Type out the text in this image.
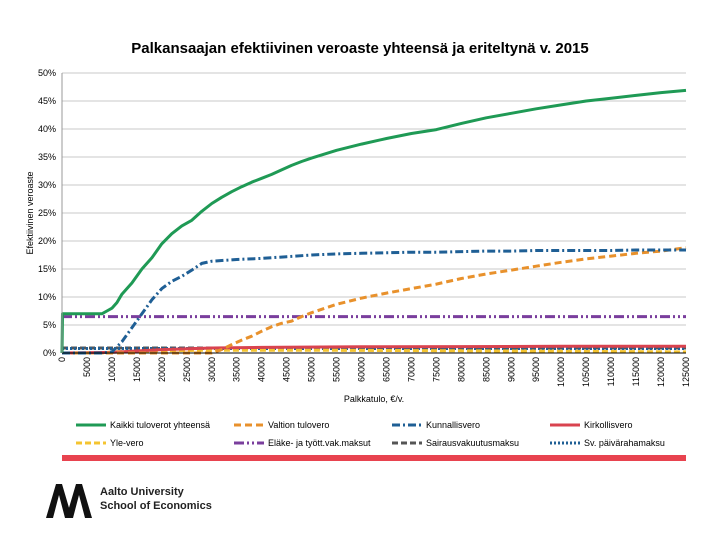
Palkansaajan efektiivinen veroaste yhteensä ja eriteltynä v. 2015
0%
5%
10%
15%
20%
25%
30%
35%
40%
45%
50%
0 5000 10000 15000 20000 25000 30000 35000 40000 45000 50000 55000 60000 65000 70000 75000 80000 85000 90000 95000 100000 105000 110000 115000 120000 125000
Efektiivinen veroaste
Palkkatulo, €/v.
Kaikki tuloverot yhteensä	Valtion tulovero	Kunnallisvero	Kirkollisvero
Yle-vero	Eläke- ja tyött.vak.maksut	Sairausvakuutusmaksu	Sv. päivärahamaksu
"
Aalto University
School of Economics
